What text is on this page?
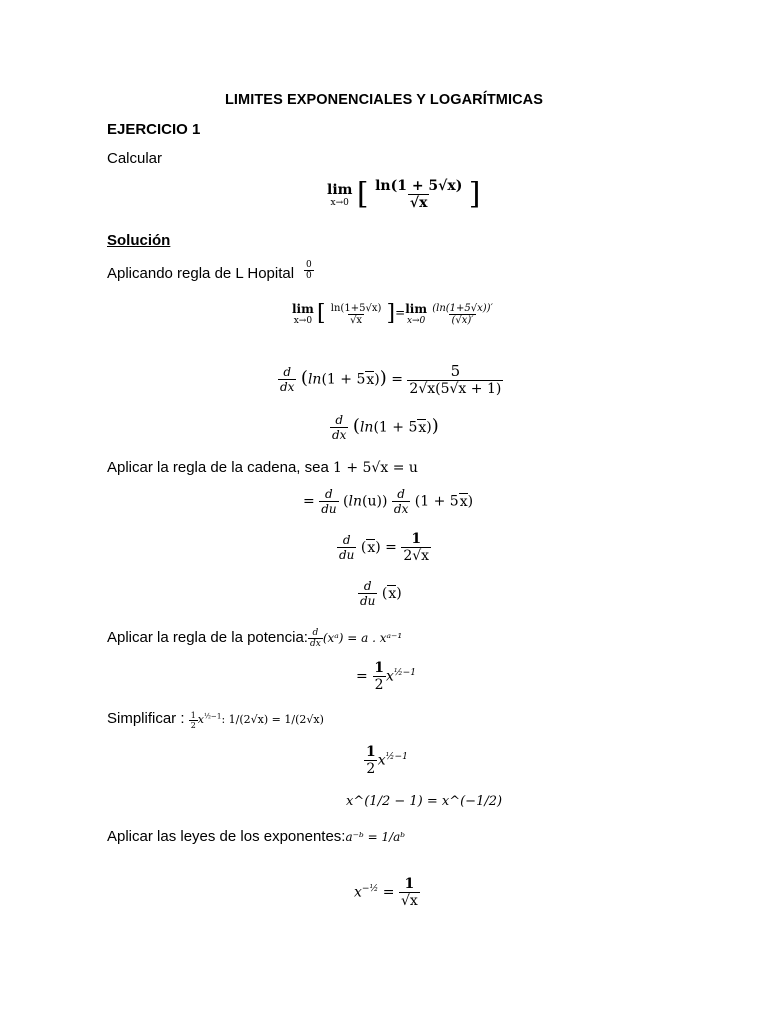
LIMITES EXPONENCIALES Y LOGARÍTMICAS
EJERCICIO 1
Calcular
lim
x→0 [ $\frac{\ln(1 + 5√x)}{√x}$ ]
Solución
Aplicando regla de L Hopital $\frac{0}{0}$
lim
x→0 [ $\frac{\ln(1+5√x)}{√x}$ ]= lim
x→0
$\frac{(\ln(1+5√x))'}{(√x)'}$
$\frac{d}{dx} (\ln(1 + 5x)) = \frac{5}{2√x(5√x + 1)}$
$\frac{d}{dx} (\ln(1 + 5x))$
Aplicar la regla de la cadena, sea 1 + 5√x = u
= $\frac{d}{du} (\ln(u)) \frac{d}{dx} (1 + 5x)$
$\frac{d}{du} (x) = \frac{1}{2√x}$
$\frac{d}{du} (x)$
Aplicar la regla de la potencia: $\frac{d}{dx}$ (xᵃ) = a . xᵃ⁻¹
= $\frac{1}{2} x^{\frac{1}{2}-1}$
Simplificar : $\frac{1}{2} x^{\frac{1}{2}-1}$: 1/(2√x) = 1/(2√x)
$\frac{1}{2} x^{\frac{1}{2}-1}$
x^(1/2 − 1) = x^(−1/2)
Aplicar las leyes de los exponentes:a⁻ᵇ = 1/aᵇ
$x^{-\frac{1}{2}} = \frac{1}{√x}$
